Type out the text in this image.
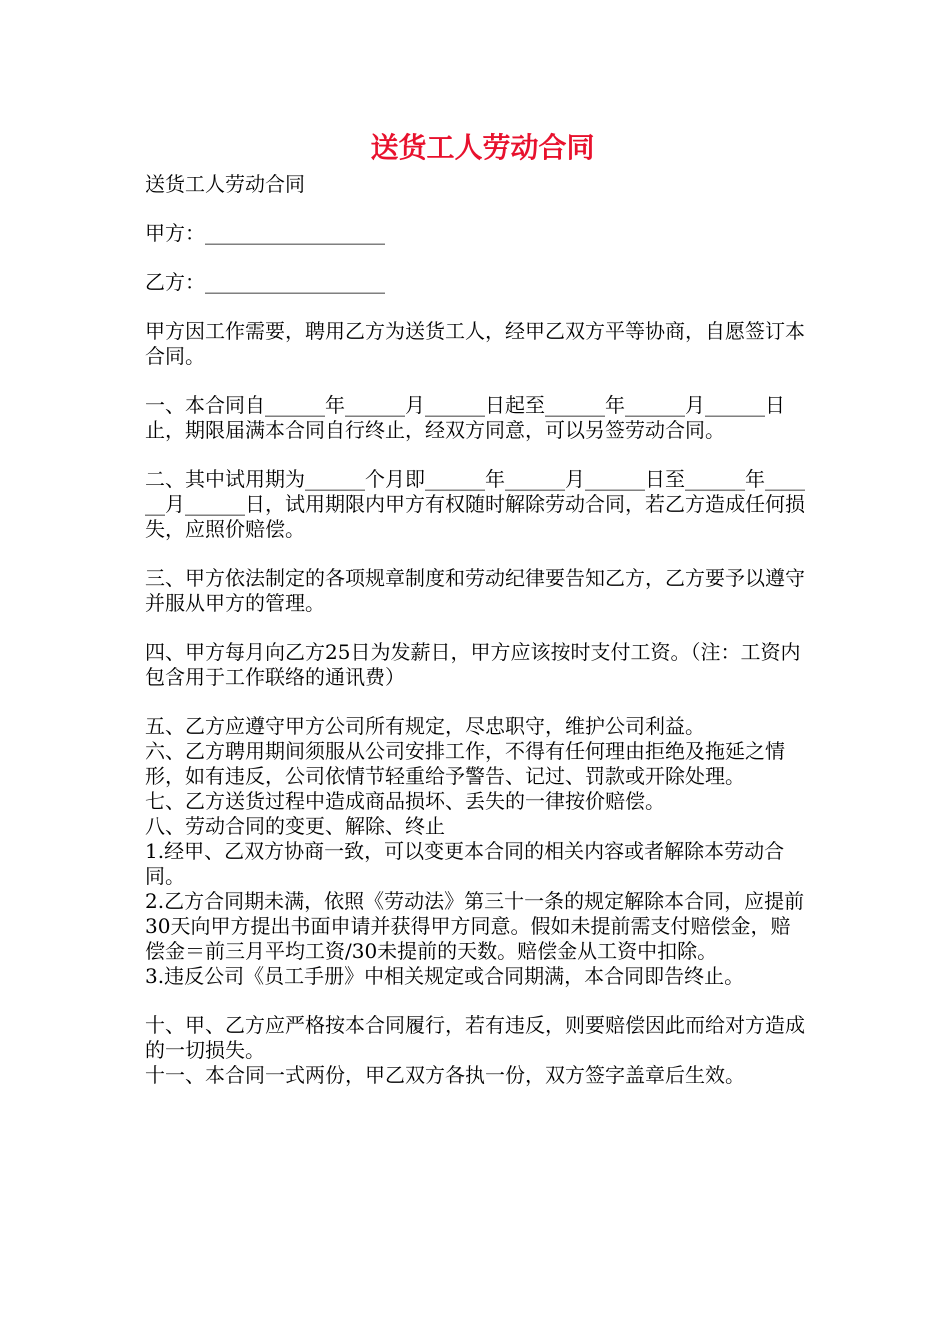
送货工人劳动合同

送货工人劳动合同

甲方：__________________

乙方：__________________

甲方因工作需要，聘用乙方为送货工人，经甲乙双方平等协商，自愿签订本合同。

一、本合同自______年______月______日起至______年______月______日止，期限届满本合同自行终止，经双方同意，可以另签劳动合同。

二、其中试用期为______个月即______年______月______日至______年______月______日，试用期限内甲方有权随时解除劳动合同，若乙方造成任何损失，应照价赔偿。

三、甲方依法制定的各项规章制度和劳动纪律要告知乙方，乙方要予以遵守并服从甲方的管理。

四、甲方每月向乙方25日为发薪日，甲方应该按时支付工资。（注：工资内包含用于工作联络的通讯费）

五、乙方应遵守甲方公司所有规定，尽忠职守，维护公司利益。

六、乙方聘用期间须服从公司安排工作，不得有任何理由拒绝及拖延之情形，如有违反，公司依情节轻重给予警告、记过、罚款或开除处理。

七、乙方送货过程中造成商品损坏、丢失的一律按价赔偿。

八、劳动合同的变更、解除、终止

1.经甲、乙双方协商一致，可以变更本合同的相关内容或者解除本劳动合同。

2.乙方合同期未满，依照《劳动法》第三十一条的规定解除本合同，应提前30天向甲方提出书面申请并获得甲方同意。假如未提前需支付赔偿金，赔偿金＝前三月平均工资/30未提前的天数。赔偿金从工资中扣除。

3.违反公司《员工手册》中相关规定或合同期满，本合同即告终止。

十、甲、乙方应严格按本合同履行，若有违反，则要赔偿因此而给对方造成的一切损失。

十一、本合同一式两份，甲乙双方各执一份，双方签字盖章后生效。
